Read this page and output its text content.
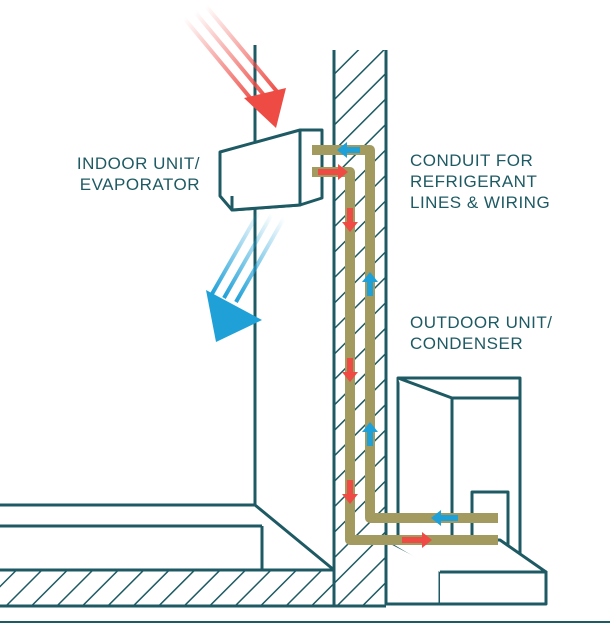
INDOOR UNIT/
EVAPORATOR
CONDUIT FOR
REFRIGERANT
LINES & WIRING
OUTDOOR UNIT/
CONDENSER
